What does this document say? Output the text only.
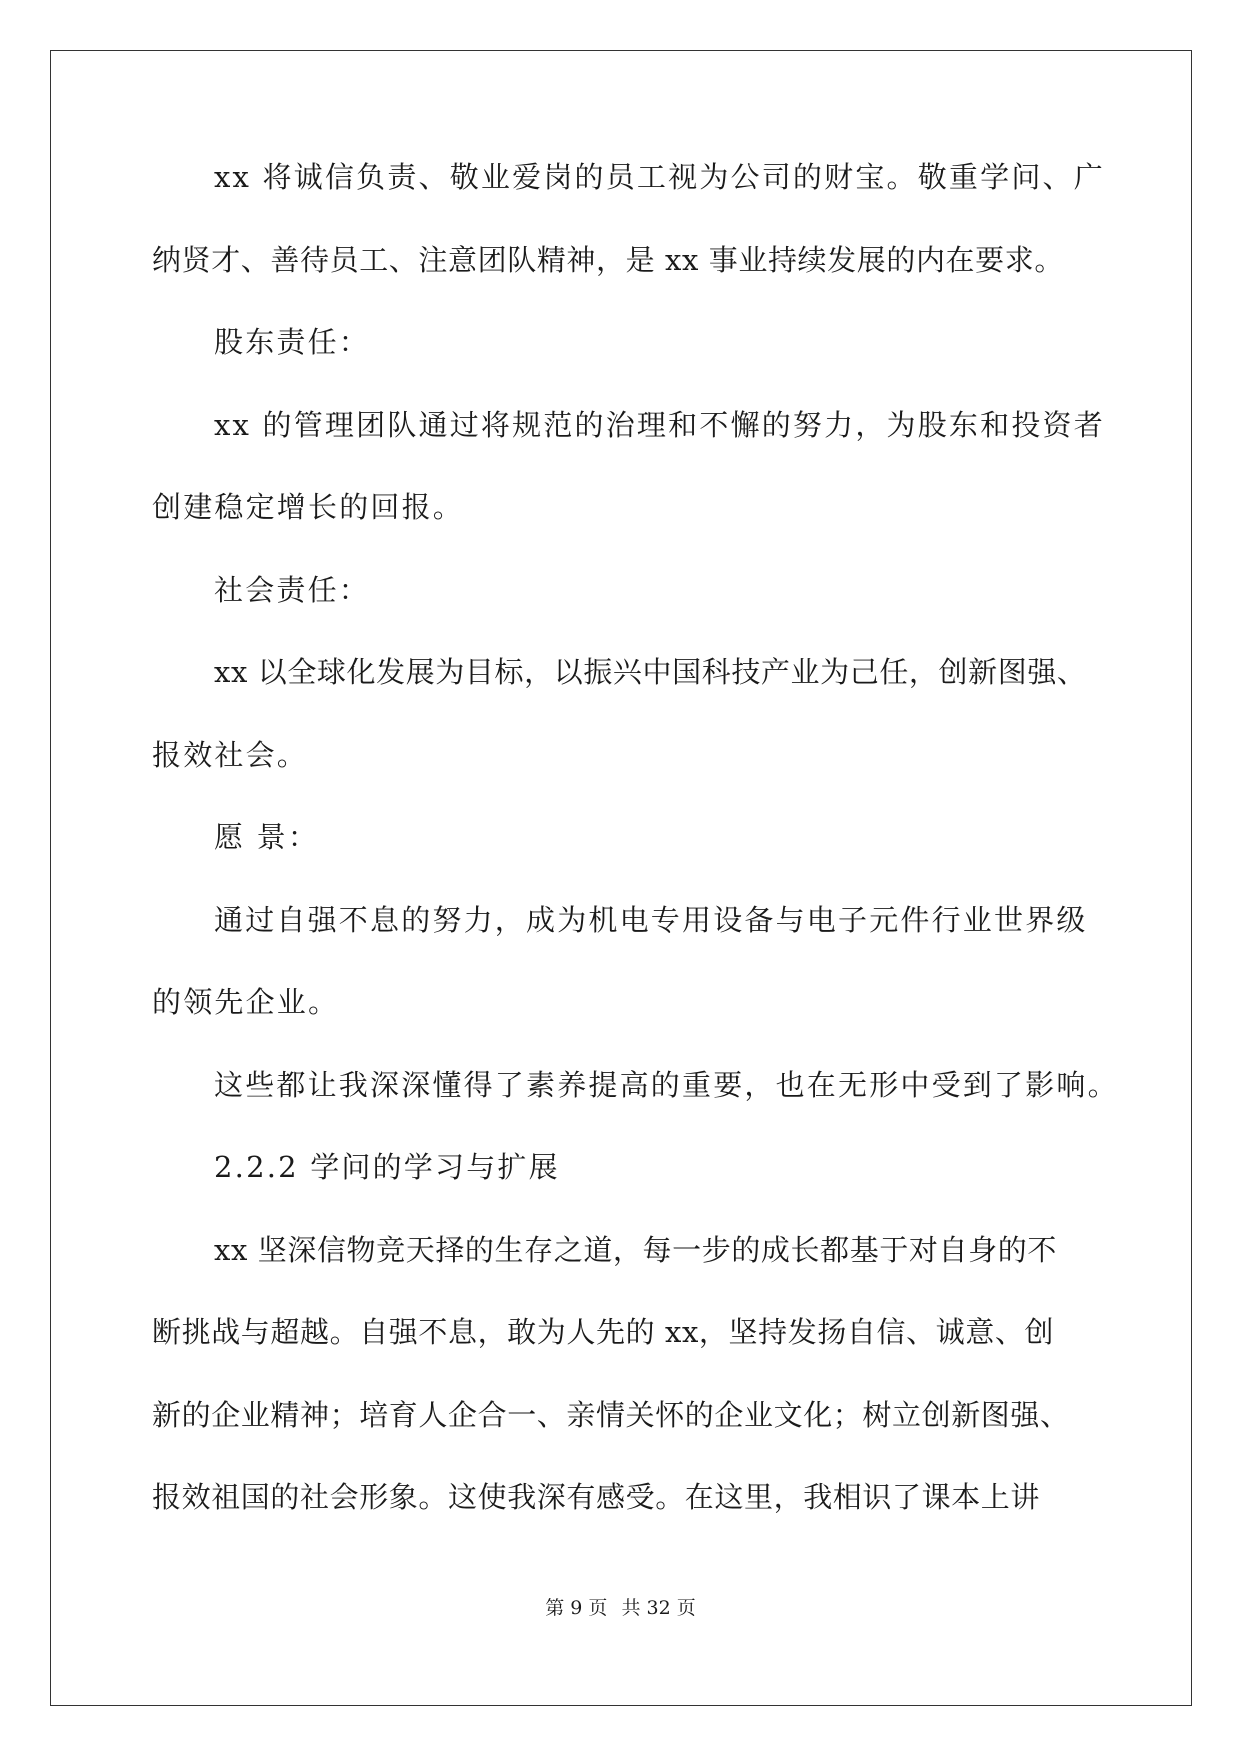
xx 将诚信负责、敬业爱岗的员工视为公司的财宝。敬重学问、广
纳贤才、善待员工、注意团队精神，是 xx 事业持续发展的内在要求。
股东责任：
xx 的管理团队通过将规范的治理和不懈的努力，为股东和投资者
创建稳定增长的回报。
社会责任：
xx 以全球化发展为目标，以振兴中国科技产业为己任，创新图强、
报效社会。
愿 景：
通过自强不息的努力，成为机电专用设备与电子元件行业世界级
的领先企业。
这些都让我深深懂得了素养提高的重要，也在无形中受到了影响。
2.2.2 学问的学习与扩展
xx 坚深信物竞天择的生存之道，每一步的成长都基于对自身的不
断挑战与超越。自强不息，敢为人先的 xx，坚持发扬自信、诚意、创
新的企业精神；培育人企合一、亲情关怀的企业文化；树立创新图强、
报效祖国的社会形象。这使我深有感受。在这里，我相识了课本上讲
第 9 页 共 32 页
